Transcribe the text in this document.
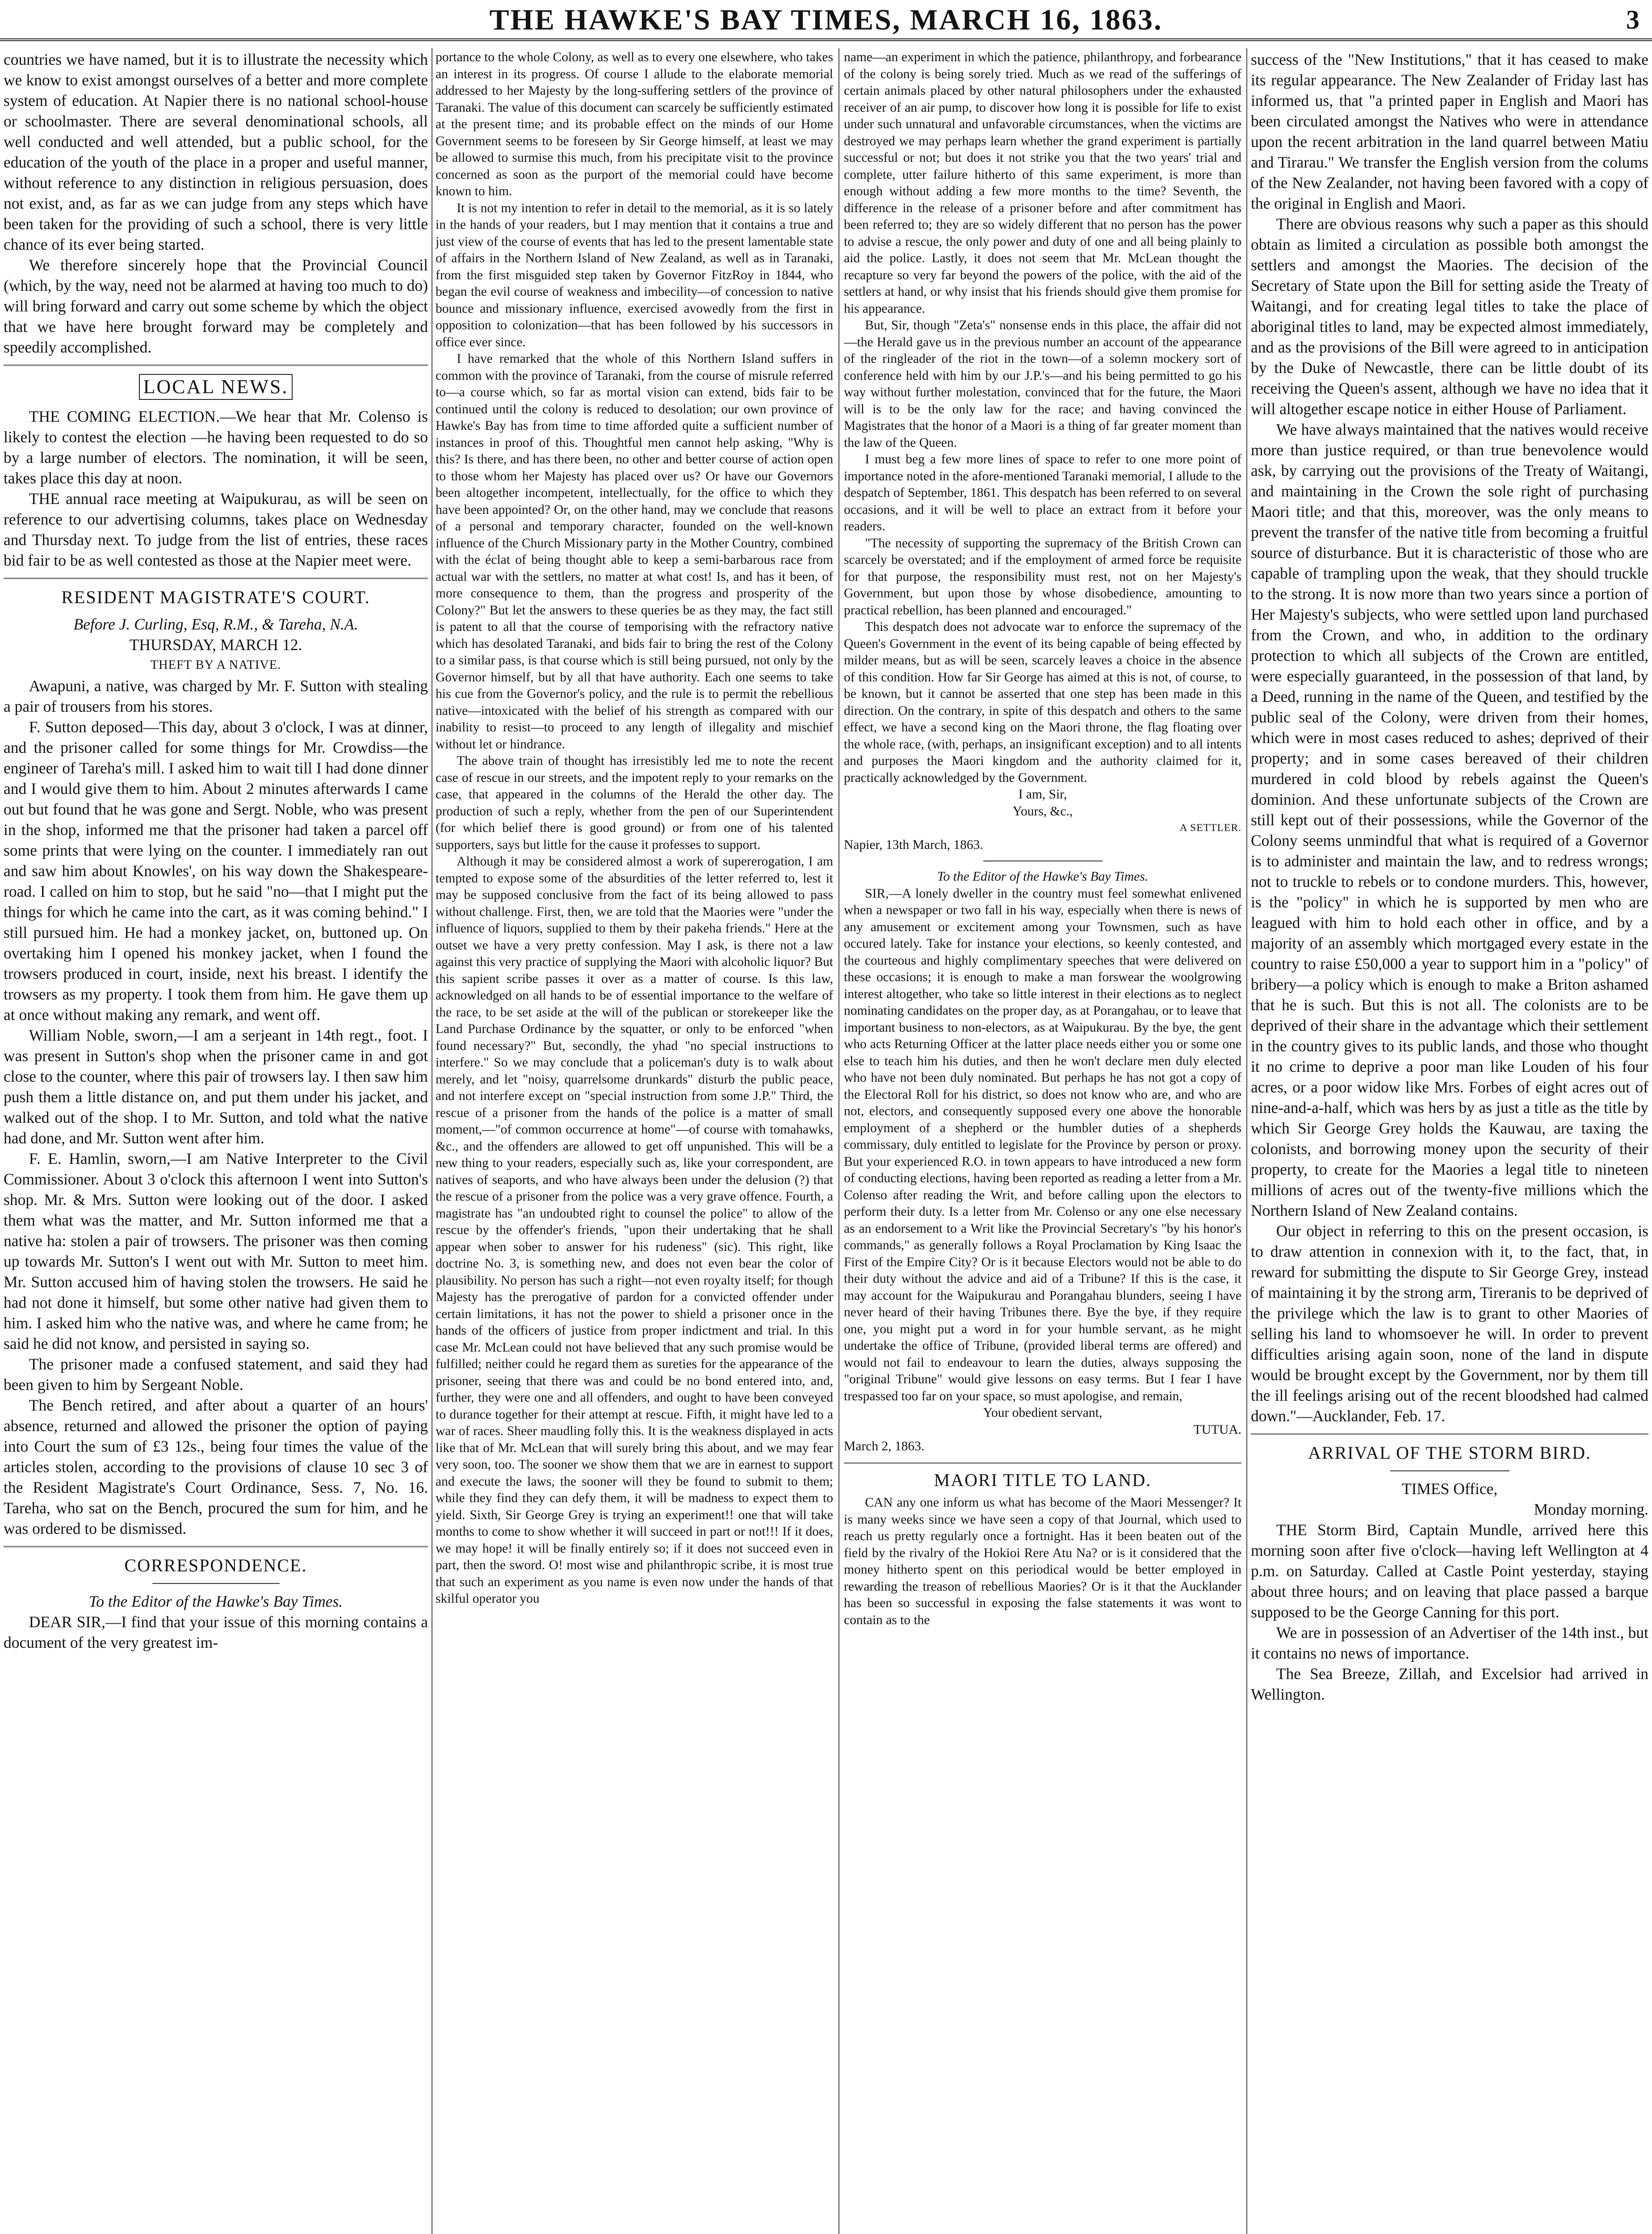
THE HAWKE'S BAY TIMES, MARCH 16, 1863.	3

countries we have named, but it is to illustrate the necessity which we know to exist amongst ourselves of a better and more complete system of education. At Napier there is no national school-house or schoolmaster. There are several denominational schools, all well conducted and well attended, but a public school, for the education of the youth of the place in a proper and useful manner, without reference to any distinction in religious persuasion, does not exist, and, as far as we can judge from any steps which have been taken for the providing of such a school, there is very little chance of its ever being started.

We therefore sincerely hope that the Provincial Council (which, by the way, need not be alarmed at having too much to do) will bring forward and carry out some scheme by which the object that we have here brought forward may be completely and speedily accomplished.

LOCAL NEWS.

THE COMING ELECTION.—We hear that Mr. Colenso is likely to contest the election —he having been requested to do so by a large number of electors. The nomination, it will be seen, takes place this day at noon.

THE annual race meeting at Waipukurau, as will be seen on reference to our advertising columns, takes place on Wednesday and Thursday next. To judge from the list of entries, these races bid fair to be as well contested as those at the Napier meet were.

RESIDENT MAGISTRATE'S COURT.
Before J. Curling, Esq, R.M., & Tareha, N.A.
THURSDAY, MARCH 12.
THEFT BY A NATIVE.

Awapuni, a native, was charged by Mr. F. Sutton with stealing a pair of trousers from his stores.

F. Sutton deposed—This day, about 3 o'clock, I was at dinner, and the prisoner called for some things for Mr. Crowdiss—the engineer of Tareha's mill. I asked him to wait till I had done dinner and I would give them to him. About 2 minutes afterwards I came out but found that he was gone and Sergt. Noble, who was present in the shop, informed me that the prisoner had taken a parcel off some prints that were lying on the counter. I immediately ran out and saw him about Knowles', on his way down the Shakespeare-road. I called on him to stop, but he said "no—that I might put the things for which he came into the cart, as it was coming behind." I still pursued him. He had a monkey jacket, on, buttoned up. On overtaking him I opened his monkey jacket, when I found the trowsers produced in court, inside, next his breast. I identify the trowsers as my property. I took them from him. He gave them up at once without making any remark, and went off.

William Noble, sworn,—I am a serjeant in 14th regt., foot. I was present in Sutton's shop when the prisoner came in and got close to the counter, where this pair of trowsers lay. I then saw him push them a little distance on, and put them under his jacket, and walked out of the shop. I to Mr. Sutton, and told what the native had done, and Mr. Sutton went after him.

F. E. Hamlin, sworn,—I am Native Interpreter to the Civil Commissioner. About 3 o'clock this afternoon I went into Sutton's shop. Mr. & Mrs. Sutton were looking out of the door. I asked them what was the matter, and Mr. Sutton informed me that a native ha: stolen a pair of trowsers. The prisoner was then coming up towards Mr. Sutton's I went out with Mr. Sutton to meet him. Mr. Sutton accused him of having stolen the trowsers. He said he had not done it himself, but some other native had given them to him. I asked him who the native was, and where he came from; he said he did not know, and persisted in saying so.

The prisoner made a confused statement, and said they had been given to him by Sergeant Noble.

The Bench retired, and after about a quarter of an hours' absence, returned and allowed the prisoner the option of paying into Court the sum of £3 12s., being four times the value of the articles stolen, according to the provisions of clause 10 sec 3 of the Resident Magistrate's Court Ordinance, Sess. 7, No. 16. Tareha, who sat on the Bench, procured the sum for him, and he was ordered to be dismissed.

CORRESPONDENCE.
To the Editor of the Hawke's Bay Times.

DEAR SIR,—I find that your issue of this morning contains a document of the very greatest im-

portance to the whole Colony, as well as to every one elsewhere, who takes an interest in its progress. Of course I allude to the elaborate memorial addressed to her Majesty by the long-suffering settlers of the province of Taranaki. The value of this document can scarcely be sufficiently estimated at the present time; and its probable effect on the minds of our Home Government seems to be foreseen by Sir George himself, at least we may be allowed to surmise this much, from his precipitate visit to the province concerned as soon as the purport of the memorial could have become known to him.

It is not my intention to refer in detail to the memorial, as it is so lately in the hands of your readers, but I may mention that it contains a true and just view of the course of events that has led to the present lamentable state of affairs in the Northern Island of New Zealand, as well as in Taranaki, from the first misguided step taken by Governor FitzRoy in 1844, who began the evil course of weakness and imbecility—of concession to native bounce and missionary influence, exercised avowedly from the first in opposition to colonization—that has been followed by his successors in office ever since.

I have remarked that the whole of this Northern Island suffers in common with the province of Taranaki, from the course of misrule referred to—a course which, so far as mortal vision can extend, bids fair to be continued until the colony is reduced to desolation; our own province of Hawke's Bay has from time to time afforded quite a sufficient number of instances in proof of this. Thoughtful men cannot help asking, "Why is this? Is there, and has there been, no other and better course of action open to those whom her Majesty has placed over us? Or have our Governors been altogether incompetent, intellectually, for the office to which they have been appointed? Or, on the other hand, may we conclude that reasons of a personal and temporary character, founded on the well-known influence of the Church Missionary party in the Mother Country, combined with the éclat of being thought able to keep a semi-barbarous race from actual war with the settlers, no matter at what cost! Is, and has it been, of more consequence to them, than the progress and prosperity of the Colony?" But let the answers to these queries be as they may, the fact still is patent to all that the course of temporising with the refractory native which has desolated Taranaki, and bids fair to bring the rest of the Colony to a similar pass, is that course which is still being pursued, not only by the Governor himself, but by all that have authority. Each one seems to take his cue from the Governor's policy, and the rule is to permit the rebellious native—intoxicated with the belief of his strength as compared with our inability to resist—to proceed to any length of illegality and mischief without let or hindrance.

The above train of thought has irresistibly led me to note the recent case of rescue in our streets, and the impotent reply to your remarks on the case, that appeared in the columns of the Herald the other day. The production of such a reply, whether from the pen of our Superintendent (for which belief there is good ground) or from one of his talented supporters, says but little for the cause it professes to support.

Although it may be considered almost a work of supererogation, I am tempted to expose some of the absurdities of the letter referred to, lest it may be supposed conclusive from the fact of its being allowed to pass without challenge. First, then, we are told that the Maories were "under the influence of liquors, supplied to them by their pakeha friends." Here at the outset we have a very pretty confession. May I ask, is there not a law against this very practice of supplying the Maori with alcoholic liquor? But this sapient scribe passes it over as a matter of course. Is this law, acknowledged on all hands to be of essential importance to the welfare of the race, to be set aside at the will of the publican or storekeeper like the Land Purchase Ordinance by the squatter, or only to be enforced "when found necessary?" But, secondly, the yhad "no special instructions to interfere." So we may conclude that a policeman's duty is to walk about merely, and let "noisy, quarrelsome drunkards" disturb the public peace, and not interfere except on "special instruction from some J.P." Third, the rescue of a prisoner from the hands of the police is a matter of small moment,—"of common occurrence at home"—of course with tomahawks, &c., and the offenders are allowed to get off unpunished. This will be a new thing to your readers, especially such as, like your correspondent, are natives of seaports, and who have always been under the delusion (?) that the rescue of a prisoner from the police was a very grave offence. Fourth, a magistrate has "an undoubted right to counsel the police" to allow of the rescue by the offender's friends, "upon their undertaking that he shall appear when sober to answer for his rudeness" (sic). This right, like doctrine No. 3, is something new, and does not even bear the color of plausibility. No person has such a right—not even royalty itself; for though Majesty has the prerogative of pardon for a convicted offender under certain limitations, it has not the power to shield a prisoner once in the hands of the officers of justice from proper indictment and trial. In this case Mr. McLean could not have believed that any such promise would be fulfilled; neither could he regard them as sureties for the appearance of the prisoner, seeing that there was and could be no bond entered into, and, further, they were one and all offenders, and ought to have been conveyed to durance together for their attempt at rescue. Fifth, it might have led to a war of races. Sheer maudling folly this. It is the weakness displayed in acts like that of Mr. McLean that will surely bring this about, and we may fear very soon, too. The sooner we show them that we are in earnest to support and execute the laws, the sooner will they be found to submit to them; while they find they can defy them, it will be madness to expect them to yield. Sixth, Sir George Grey is trying an experiment!! one that will take months to come to show whether it will succeed in part or not!!! If it does, we may hope! it will be finally entirely so; if it does not succeed even in part, then the sword. O! most wise and philanthropic scribe, it is most true that such an experiment as you name is even now under the hands of that skilful operator you

name—an experiment in which the patience, philanthropy, and forbearance of the colony is being sorely tried. Much as we read of the sufferings of certain animals placed by other natural philosophers under the exhausted receiver of an air pump, to discover how long it is possible for life to exist under such unnatural and unfavorable circumstances, when the victims are destroyed we may perhaps learn whether the grand experiment is partially successful or not; but does it not strike you that the two years' trial and complete, utter failure hitherto of this same experiment, is more than enough without adding a few more months to the time? Seventh, the difference in the release of a prisoner before and after commitment has been referred to; they are so widely different that no person has the power to advise a rescue, the only power and duty of one and all being plainly to aid the police. Lastly, it does not seem that Mr. McLean thought the recapture so very far beyond the powers of the police, with the aid of the settlers at hand, or why insist that his friends should give them promise for his appearance.

But, Sir, though "Zeta's" nonsense ends in this place, the affair did not—the Herald gave us in the previous number an account of the appearance of the ringleader of the riot in the town—of a solemn mockery sort of conference held with him by our J.P.'s—and his being permitted to go his way without further molestation, convinced that for the future, the Maori will is to be the only law for the race; and having convinced the Magistrates that the honor of a Maori is a thing of far greater moment than the law of the Queen.

I must beg a few more lines of space to refer to one more point of importance noted in the afore-mentioned Taranaki memorial, I allude to the despatch of September, 1861. This despatch has been referred to on several occasions, and it will be well to place an extract from it before your readers.

"The necessity of supporting the supremacy of the British Crown can scarcely be overstated; and if the employment of armed force be requisite for that purpose, the responsibility must rest, not on her Majesty's Government, but upon those by whose disobedience, amounting to practical rebellion, has been planned and encouraged."

This despatch does not advocate war to enforce the supremacy of the Queen's Government in the event of its being capable of being effected by milder means, but as will be seen, scarcely leaves a choice in the absence of this condition. How far Sir George has aimed at this is not, of course, to be known, but it cannot be asserted that one step has been made in this direction. On the contrary, in spite of this despatch and others to the same effect, we have a second king on the Maori throne, the flag floating over the whole race, (with, perhaps, an insignificant exception) and to all intents and purposes the Maori kingdom and the authority claimed for it, practically acknowledged by the Government.

I am, Sir,
Yours, &c.,
A SETTLER.
Napier, 13th March, 1863.
To the Editor of the Hawke's Bay Times.

SIR,—A lonely dweller in the country must feel somewhat enlivened when a newspaper or two fall in his way, especially when there is news of any amusement or excitement among your Townsmen, such as have occured lately. Take for instance your elections, so keenly contested, and the courteous and highly complimentary speeches that were delivered on these occasions; it is enough to make a man forswear the woolgrowing interest altogether, who take so little interest in their elections as to neglect nominating candidates on the proper day, as at Porangahau, or to leave that important business to non-electors, as at Waipukurau. By the bye, the gent who acts Returning Officer at the latter place needs either you or some one else to teach him his duties, and then he won't declare men duly elected who have not been duly nominated. But perhaps he has not got a copy of the Electoral Roll for his district, so does not know who are, and who are not, electors, and consequently supposed every one above the honorable employment of a shepherd or the humbler duties of a shepherds commissary, duly entitled to legislate for the Province by person or proxy. But your experienced R.O. in town appears to have introduced a new form of conducting elections, having been reported as reading a letter from a Mr. Colenso after reading the Writ, and before calling upon the electors to perform their duty. Is a letter from Mr. Colenso or any one else necessary as an endorsement to a Writ like the Provincial Secretary's "by his honor's commands," as generally follows a Royal Proclamation by King Isaac the First of the Empire City? Or is it because Electors would not be able to do their duty without the advice and aid of a Tribune? If this is the case, it may account for the Waipukurau and Porangahau blunders, seeing I have never heard of their having Tribunes there. Bye the bye, if they require one, you might put a word in for your humble servant, as he might undertake the office of Tribune, (provided liberal terms are offered) and would not fail to endeavour to learn the duties, always supposing the "original Tribune" would give lessons on easy terms. But I fear I have trespassed too far on your space, so must apologise, and remain,

Your obedient servant,
TUTUA.
March 2, 1863.
MAORI TITLE TO LAND.

CAN any one inform us what has become of the Maori Messenger? It is many weeks since we have seen a copy of that Journal, which used to reach us pretty regularly once a fortnight. Has it been beaten out of the field by the rivalry of the Hokioi Rere Atu Na? or is it considered that the money hitherto spent on this periodical would be better employed in rewarding the treason of rebellious Maories? Or is it that the Aucklander has been so successful in exposing the false statements it was wont to contain as to the

success of the "New Institutions," that it has ceased to make its regular appearance. The New Zealander of Friday last has informed us, that "a printed paper in English and Maori has been circulated amongst the Natives who were in attendance upon the recent arbitration in the land quarrel between Matiu and Tirarau." We transfer the English version from the colums of the New Zealander, not having been favored with a copy of the original in English and Maori.

There are obvious reasons why such a paper as this should obtain as limited a circulation as possible both amongst the settlers and amongst the Maories. The decision of the Secretary of State upon the Bill for setting aside the Treaty of Waitangi, and for creating legal titles to take the place of aboriginal titles to land, may be expected almost immediately, and as the provisions of the Bill were agreed to in anticipation by the Duke of Newcastle, there can be little doubt of its receiving the Queen's assent, although we have no idea that it will altogether escape notice in either House of Parliament.

We have always maintained that the natives would receive more than justice required, or than true benevolence would ask, by carrying out the provisions of the Treaty of Waitangi, and maintaining in the Crown the sole right of purchasing Maori title; and that this, moreover, was the only means to prevent the transfer of the native title from becoming a fruitful source of disturbance. But it is characteristic of those who are capable of trampling upon the weak, that they should truckle to the strong. It is now more than two years since a portion of Her Majesty's subjects, who were settled upon land purchased from the Crown, and who, in addition to the ordinary protection to which all subjects of the Crown are entitled, were especially guaranteed, in the possession of that land, by a Deed, running in the name of the Queen, and testified by the public seal of the Colony, were driven from their homes, which were in most cases reduced to ashes; deprived of their property; and in some cases bereaved of their children murdered in cold blood by rebels against the Queen's dominion. And these unfortunate subjects of the Crown are still kept out of their possessions, while the Governor of the Colony seems unmindful that what is required of a Governor is to administer and maintain the law, and to redress wrongs; not to truckle to rebels or to condone murders. This, however, is the "policy" in which he is supported by men who are leagued with him to hold each other in office, and by a majority of an assembly which mortgaged every estate in the country to raise £50,000 a year to support him in a "policy" of bribery—a policy which is enough to make a Briton ashamed that he is such. But this is not all. The colonists are to be deprived of their share in the advantage which their settlement in the country gives to its public lands, and those who thought it no crime to deprive a poor man like Louden of his four acres, or a poor widow like Mrs. Forbes of eight acres out of nine-and-a-half, which was hers by as just a title as the title by which Sir George Grey holds the Kauwau, are taxing the colonists, and borrowing money upon the security of their property, to create for the Maories a legal title to nineteen millions of acres out of the twenty-five millions which the Northern Island of New Zealand contains.

Our object in referring to this on the present occasion, is to draw attention in connexion with it, to the fact, that, in reward for submitting the dispute to Sir George Grey, instead of maintaining it by the strong arm, Tireranis to be deprived of the privilege which the law is to grant to other Maories of selling his land to whomsoever he will. In order to prevent difficulties arising again soon, none of the land in dispute would be brought except by the Government, nor by them till the ill feelings arising out of the recent bloodshed had calmed down."—Aucklander, Feb. 17.

ARRIVAL OF THE STORM BIRD.
TIMES Office,
Monday morning.

THE Storm Bird, Captain Mundle, arrived here this morning soon after five o'clock—having left Wellington at 4 p.m. on Saturday. Called at Castle Point yesterday, staying about three hours; and on leaving that place passed a barque supposed to be the George Canning for this port.

We are in possession of an Advertiser of the 14th inst., but it contains no news of importance.

The Sea Breeze, Zillah, and Excelsior had arrived in Wellington.
